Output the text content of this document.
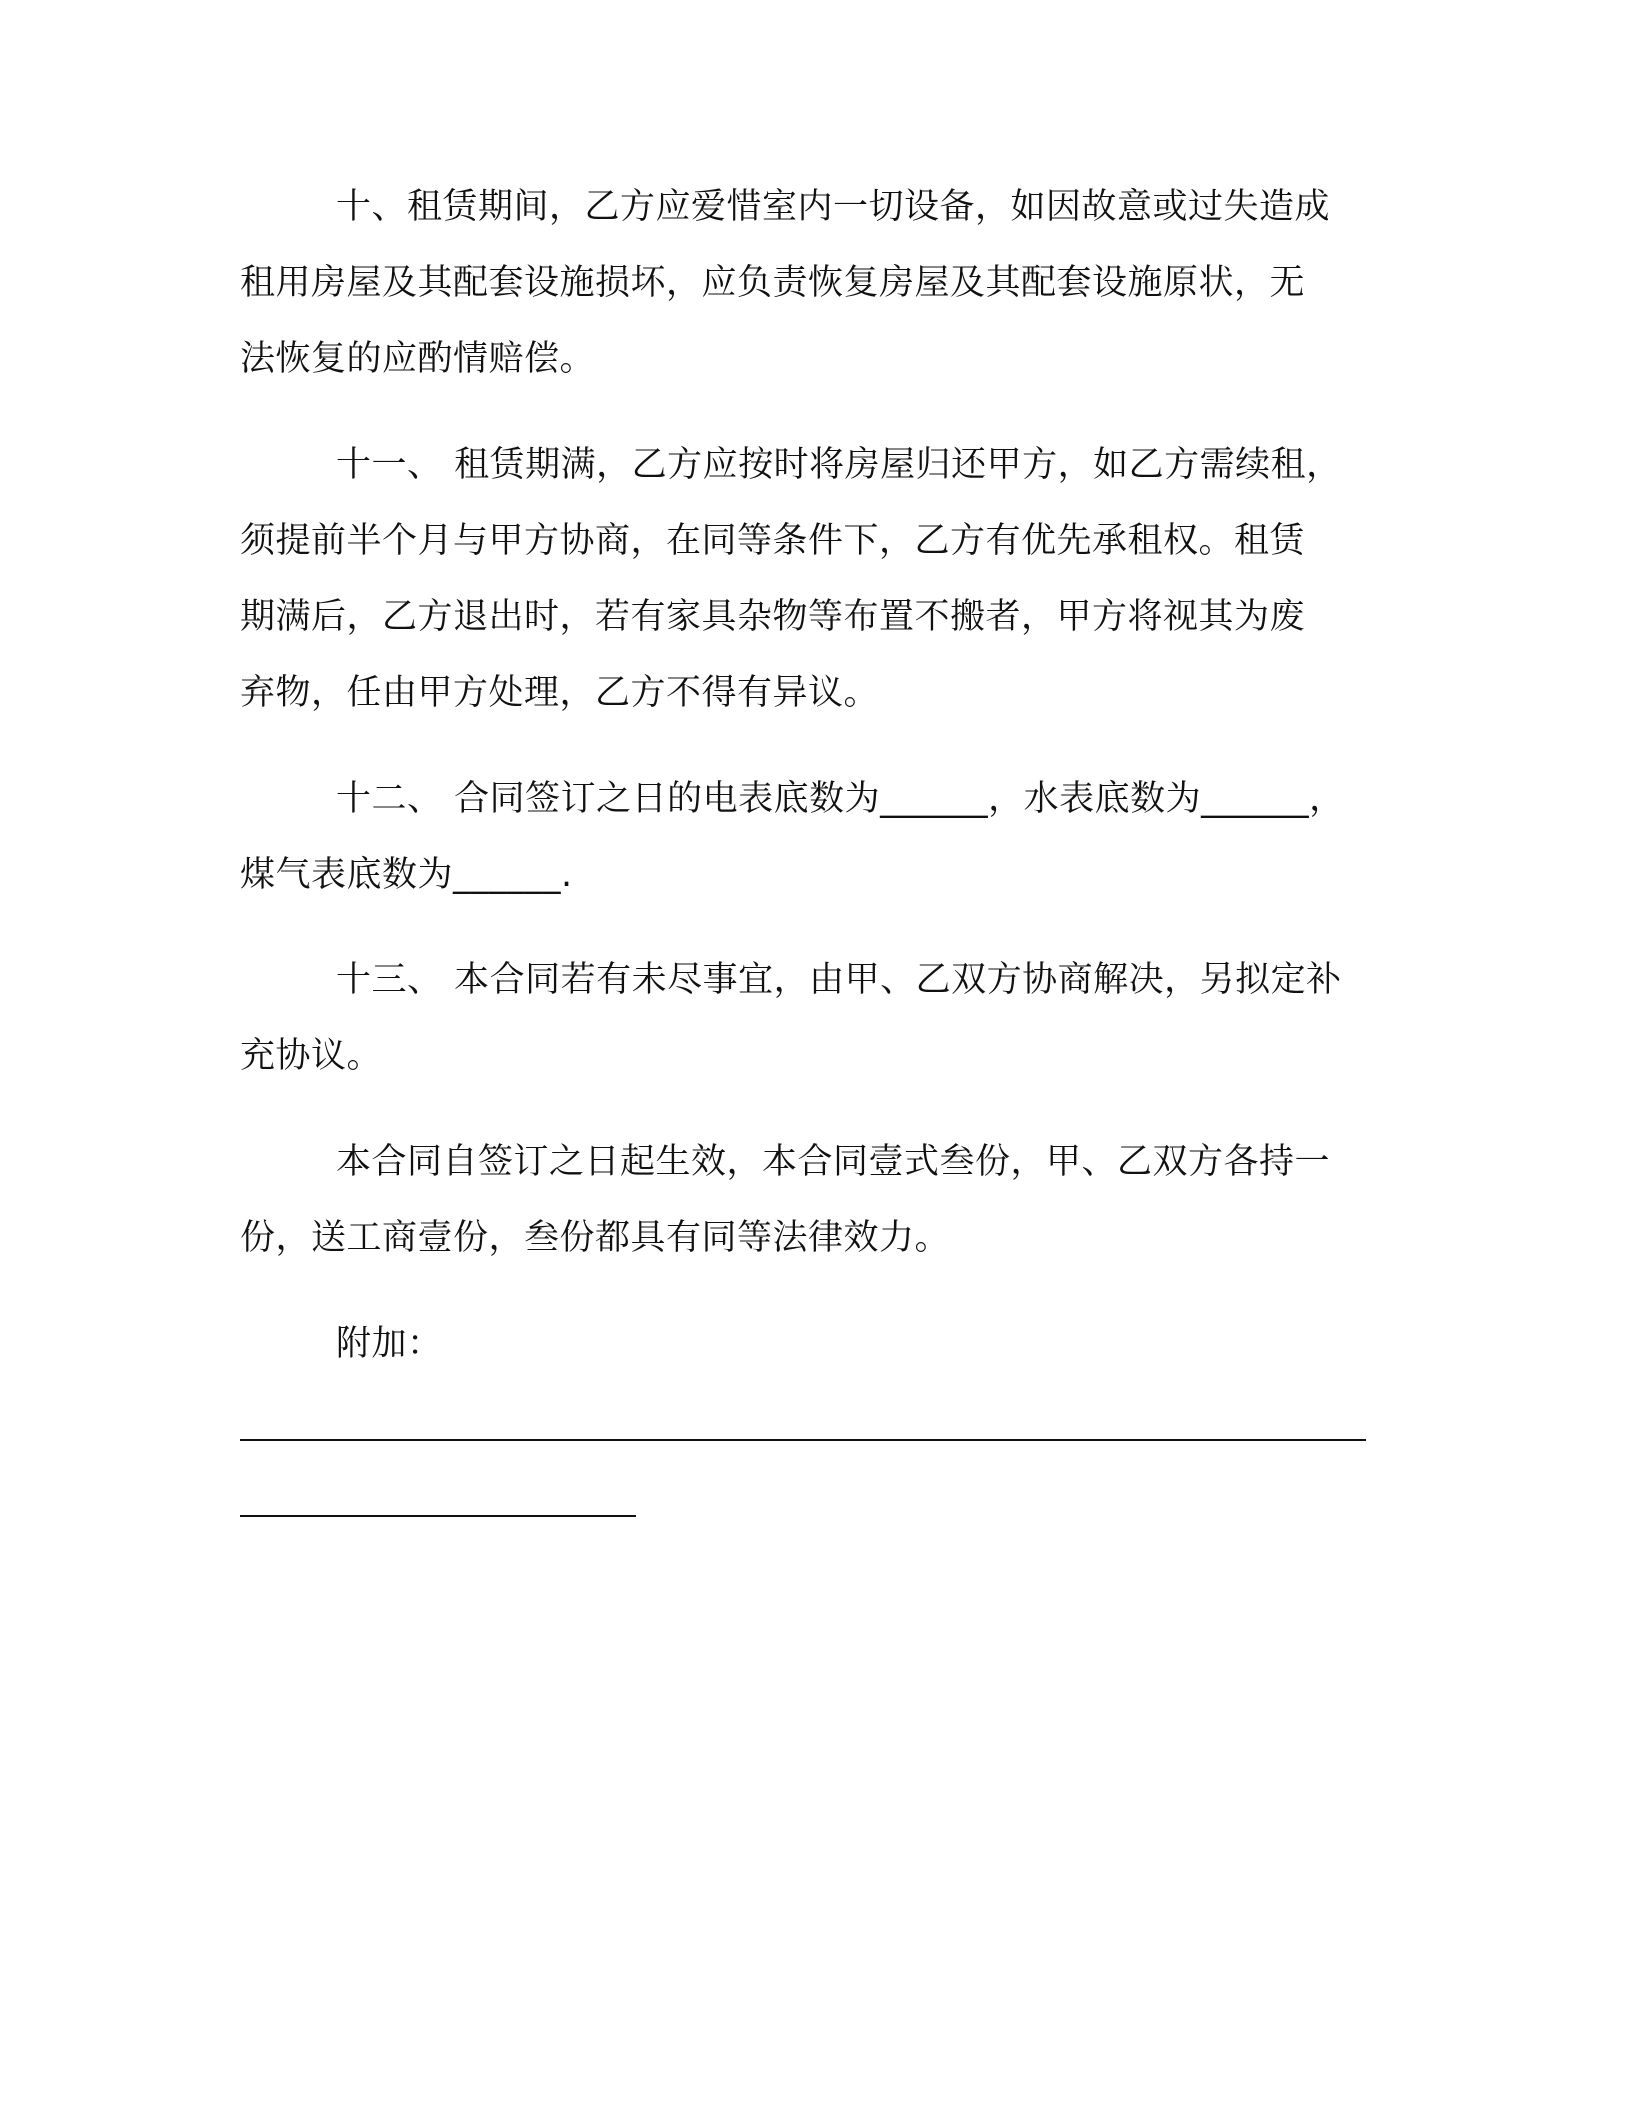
十、租赁期间，乙方应爱惜室内一切设备，如因故意或过失造成
租用房屋及其配套设施损坏，应负责恢复房屋及其配套设施原状，无
法恢复的应酌情赔偿。
十一、 租赁期满，乙方应按时将房屋归还甲方，如乙方需续租，
须提前半个月与甲方协商，在同等条件下，乙方有优先承租权。租赁
期满后，乙方退出时，若有家具杂物等布置不搬者，甲方将视其为废
弃物，任由甲方处理，乙方不得有异议。
十二、 合同签订之日的电表底数为______，水表底数为______，
煤气表底数为______.
十三、 本合同若有未尽事宜，由甲、乙双方协商解决，另拟定补
充协议。
本合同自签订之日起生效，本合同壹式叁份，甲、乙双方各持一
份，送工商壹份，叁份都具有同等法律效力。
附加：
